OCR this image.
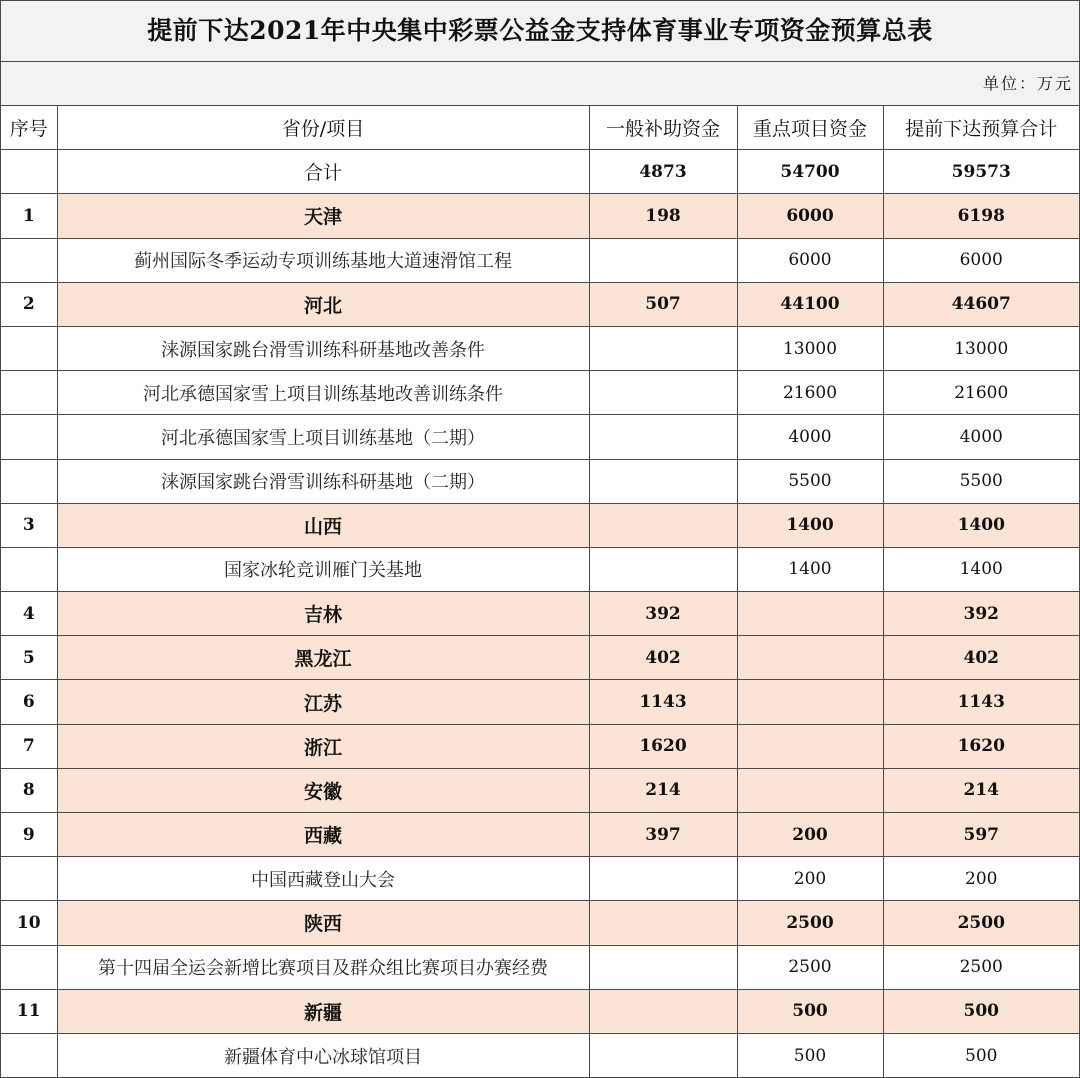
提前下达2021年中央集中彩票公益金支持体育事业专项资金预算总表
单位：万元
序号	省份/项目	一般补助资金	重点项目资金	提前下达预算合计
	合计	4873	54700	59573
1	天津	198	6000	6198
	蓟州国际冬季运动专项训练基地大道速滑馆工程		6000	6000
2	河北	507	44100	44607
	涞源国家跳台滑雪训练科研基地改善条件		13000	13000
	河北承德国家雪上项目训练基地改善训练条件		21600	21600
	河北承德国家雪上项目训练基地（二期）		4000	4000
	涞源国家跳台滑雪训练科研基地（二期）		5500	5500
3	山西		1400	1400
	国家冰轮竞训雁门关基地		1400	1400
4	吉林	392		392
5	黑龙江	402		402
6	江苏	1143		1143
7	浙江	1620		1620
8	安徽	214		214
9	西藏	397	200	597
	中国西藏登山大会		200	200
10	陕西		2500	2500
	第十四届全运会新增比赛项目及群众组比赛项目办赛经费		2500	2500
11	新疆		500	500
	新疆体育中心冰球馆项目		500	500
